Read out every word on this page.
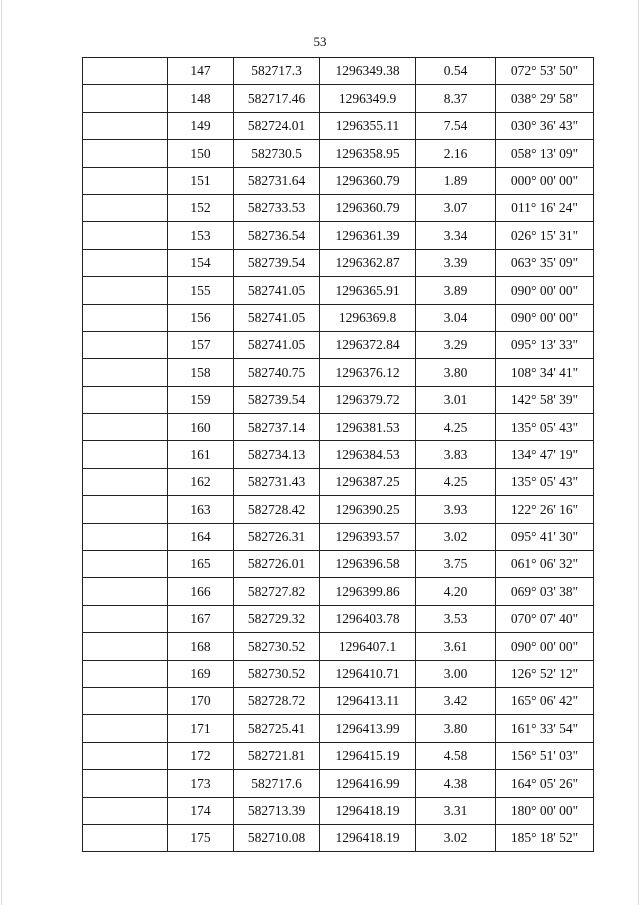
53
	147	582717.3	1296349.38	0.54	072° 53' 50"
	148	582717.46	1296349.9	8.37	038° 29' 58"
	149	582724.01	1296355.11	7.54	030° 36' 43"
	150	582730.5	1296358.95	2.16	058° 13' 09"
	151	582731.64	1296360.79	1.89	000° 00' 00"
	152	582733.53	1296360.79	3.07	011° 16' 24"
	153	582736.54	1296361.39	3.34	026° 15' 31"
	154	582739.54	1296362.87	3.39	063° 35' 09"
	155	582741.05	1296365.91	3.89	090° 00' 00"
	156	582741.05	1296369.8	3.04	090° 00' 00"
	157	582741.05	1296372.84	3.29	095° 13' 33"
	158	582740.75	1296376.12	3.80	108° 34' 41"
	159	582739.54	1296379.72	3.01	142° 58' 39"
	160	582737.14	1296381.53	4.25	135° 05' 43"
	161	582734.13	1296384.53	3.83	134° 47' 19"
	162	582731.43	1296387.25	4.25	135° 05' 43"
	163	582728.42	1296390.25	3.93	122° 26' 16"
	164	582726.31	1296393.57	3.02	095° 41' 30"
	165	582726.01	1296396.58	3.75	061° 06' 32"
	166	582727.82	1296399.86	4.20	069° 03' 38"
	167	582729.32	1296403.78	3.53	070° 07' 40"
	168	582730.52	1296407.1	3.61	090° 00' 00"
	169	582730.52	1296410.71	3.00	126° 52' 12"
	170	582728.72	1296413.11	3.42	165° 06' 42"
	171	582725.41	1296413.99	3.80	161° 33' 54"
	172	582721.81	1296415.19	4.58	156° 51' 03"
	173	582717.6	1296416.99	4.38	164° 05' 26"
	174	582713.39	1296418.19	3.31	180° 00' 00"
	175	582710.08	1296418.19	3.02	185° 18' 52"
